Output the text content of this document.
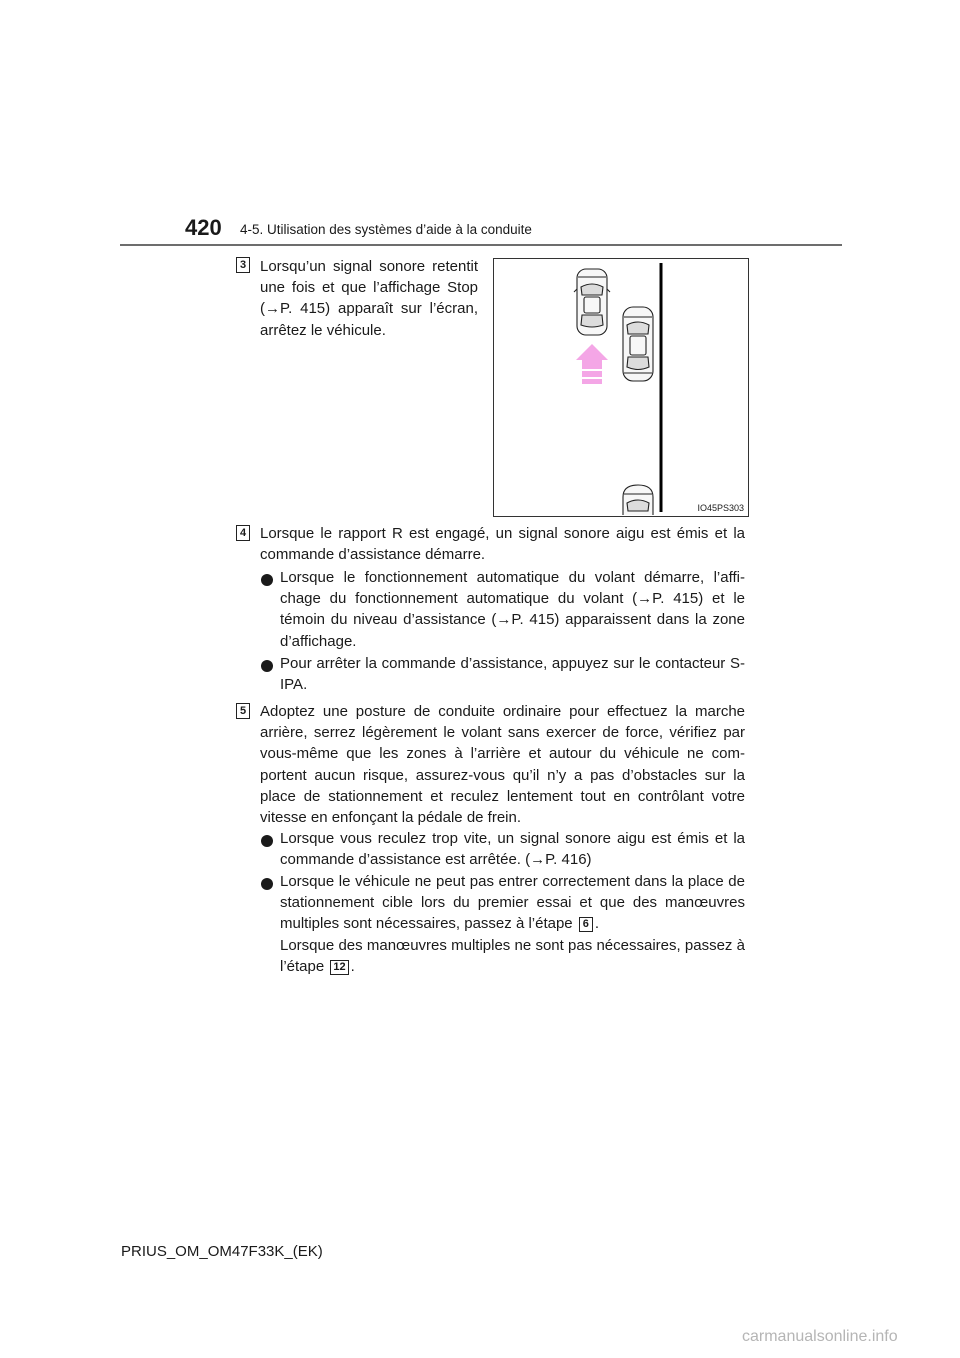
420 4-5. Utilisation des systèmes d’aide à la conduite
3 Lorsqu’un signal sonore retentit
une fois et que l’affichage Stop
(→P. 415) apparaît sur l’écran,
arrêtez le véhicule.
IO45PS303
4 Lorsque le rapport R est engagé, un signal sonore aigu est émis et la commande d’assistance démarre.
Lorsque le fonctionnement automatique du volant démarre, l’affi-chage du fonctionnement automatique du volant (→P. 415) et le témoin du niveau d’assistance (→P. 415) apparaissent dans la zone d’affichage.
Pour arrêter la commande d’assistance, appuyez sur le contacteur S-IPA.
5 Adoptez une posture de conduite ordinaire pour effectuez la marche arrière, serrez légèrement le volant sans exercer de force, vérifiez par vous-même que les zones à l’arrière et autour du véhicule ne com-portent aucun risque, assurez-vous qu’il n’y a pas d’obstacles sur la place de stationnement et reculez lentement tout en contrôlant votre vitesse en enfonçant la pédale de frein.
Lorsque vous reculez trop vite, un signal sonore aigu est émis et la commande d’assistance est arrêtée. (→P. 416)
Lorsque le véhicule ne peut pas entrer correctement dans la place de stationnement cible lors du premier essai et que des manœuvres multiples sont nécessaires, passez à l’étape 6 .
Lorsque des manœuvres multiples ne sont pas nécessaires, passez à l’étape 12 .
PRIUS_OM_OM47F33K_(EK)
carmanualsonline.info
